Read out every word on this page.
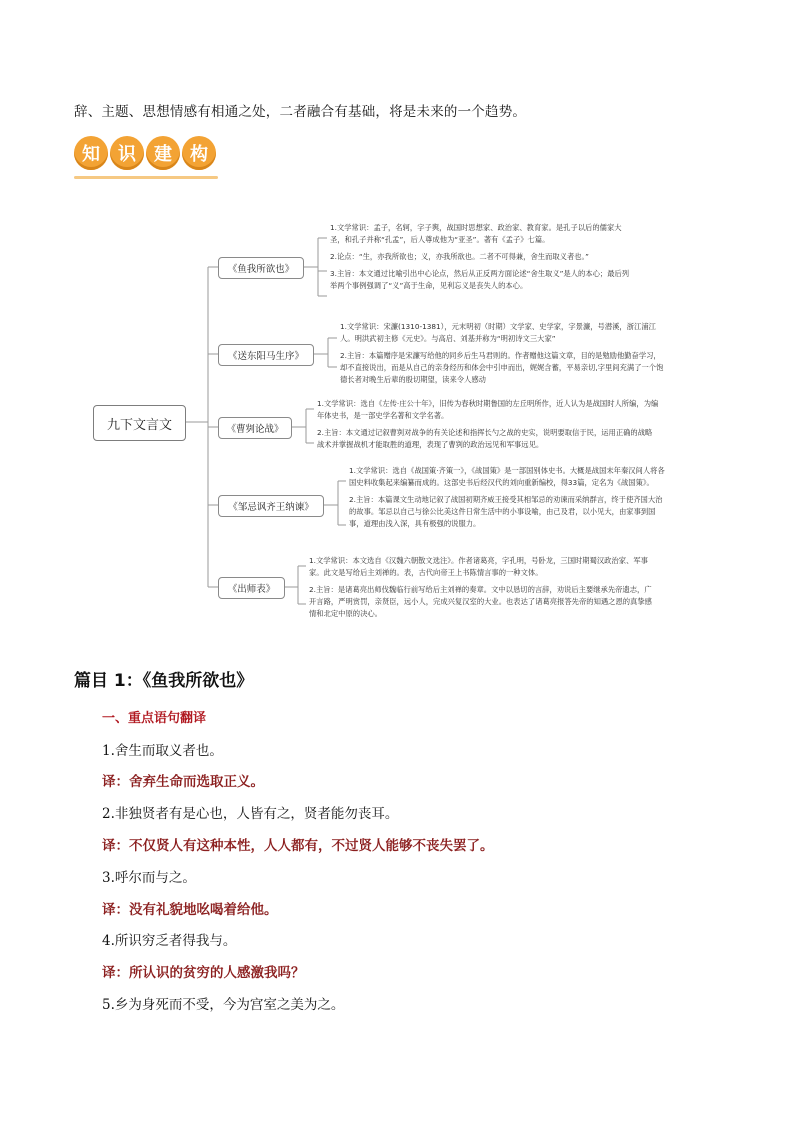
辞、主题、思想情感有相通之处，二者融合有基础，将是未来的一个趋势。
知	识	建	构
九下文言文
《鱼我所欲也》
《送东阳马生序》
《曹刿论战》
《邹忌讽齐王纳谏》
《出师表》

1.文学常识：孟子，名轲，字子舆，战国时思想家、政治家、教育家。是孔子以后的儒家大圣，和孔子并称“孔孟”，后人尊成他为“亚圣”。著有《孟子》七篇。

2.论点：“生，亦我所欲也；义，亦我所欲也。二者不可得兼，舍生而取义者也。”

3.主旨：本文通过比喻引出中心论点，然后从正反两方面论述“舍生取义”是人的本心；最后列举两个事例强调了“义”高于生命，见利忘义是丧失人的本心。

1.文学常识：宋濂(1310-1381），元末明初（时期）文学家、史学家，字景濂，号潜溪，浙江浦江人。明洪武初主修《元史》。与高启、刘基并称为“明初诗文三大家”

2.主旨：本篇赠序是宋濂写给他的同乡后生马君则的。作者赠他这篇文章，目的是勉励他勤奋学习，却不直接说出，而是从自己的亲身经历和体会中引申而出，娓娓含蓄，平易亲切,字里间充满了一个饱德长者对晚生后辈的殷切期望，读来令人感动

1.文学常识：选自《左传·庄公十年》，旧传为春秋时期鲁国的左丘明所作，近人认为是战国时人所编，为编年体史书，是一部史学名著和文学名著。

2.主旨：本文通过记叙曹刿对战争的有关论述和指挥长勺之战的史实，说明要取信于民，运用正确的战略战术并掌握战机才能取胜的道理，表现了曹刿的政治远见和军事远见。

1.文学常识：选自《战国策·齐策一》，《战国策》是一部国别体史书。大概是战国末年秦汉间人将各国史料收集起来编纂而成的。这部史书后经汉代的刘向重新编校，得33篇，定名为《战国策》。

2.主旨：本篇课文生动地记叙了战国初期齐威王接受其相邹忌的劝谏而采纳群言，终于使齐国大治的故事。邹忌以自己与徐公比美这件日常生活中的小事设喻，由己及君，以小见大，由家事到国事，道理由浅入深，具有极强的说服力。

1.文学常识：本文选自《汉魏六朝散文选注》。作者诸葛亮，字孔明，号卧龙，三国时期蜀汉政治家、军事家。此文是写给后主刘禅的。表，古代向帝王上书陈情言事的一种文体。

2.主旨：是诸葛亮出师伐魏临行前写给后主刘禅的奏章。文中以恳切的言辞，劝说后主要继承先帝遗志，广开言路，严明赏罚，亲贤臣，远小人，完成兴复汉室的大业。也表达了诸葛亮报答先帝的知遇之恩的真挚感情和北定中原的决心。

篇目 1：《鱼我所欲也》
一、重点语句翻译
1.舍生而取义者也。
译：舍弃生命而选取正义。
2.非独贤者有是心也，人皆有之，贤者能勿丧耳。
译：不仅贤人有这种本性，人人都有，不过贤人能够不丧失罢了。
3.呼尔而与之。
译：没有礼貌地吆喝着给他。
4.所识穷乏者得我与。
译：所认识的贫穷的人感激我吗？
5.乡为身死而不受，今为宫室之美为之。
